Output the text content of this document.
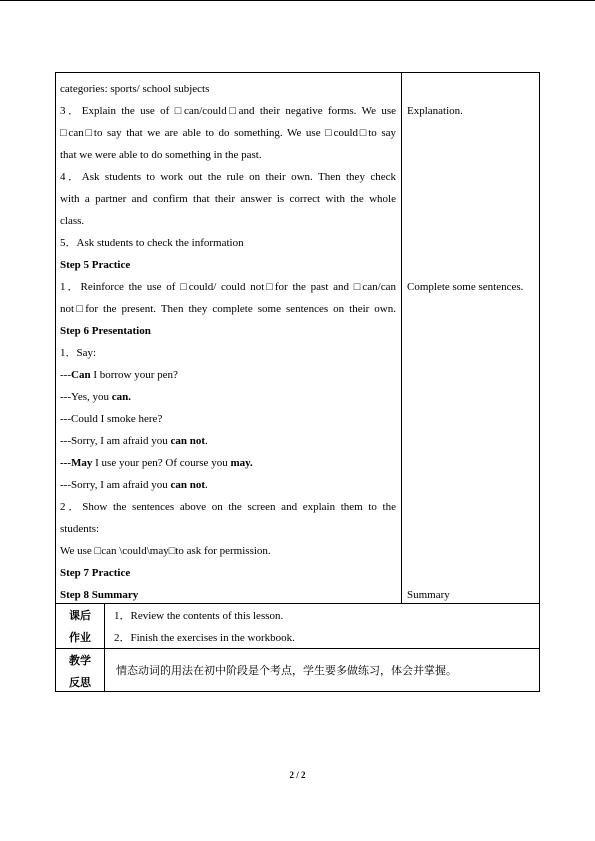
categories: sports/ school subjects
3．Explain the use of □can/could□and their negative forms. We use
□can□to say that we are able to do something. We use □could□to say
that we were able to do something in the past.
4．Ask students to work out the rule on their own. Then they check
with a partner and confirm that their answer is correct with the whole
class.
5．Ask students to check the information
Step 5 Practice
1．Reinforce the use of □could/ could not□for the past and □can/can
not□for the present. Then they complete some sentences on their own.
Step 6 Presentation
1．Say:
---Can I borrow your pen?
---Yes, you can.
---Could I smoke here?
---Sorry, I am afraid you can not.
---May I use your pen? Of course you may.
---Sorry, I am afraid you can not.
2．Show the sentences above on the screen and explain them to the
students:
We use □can \could\may□to ask for permission.
Step 7 Practice
Step 8 Summary
Explanation.
Complete some sentences.
Summary
课后
作业
1．Review the contents of this lesson.
2．Finish the exercises in the workbook.
教学
反思
情态动词的用法在初中阶段是个考点，学生要多做练习，体会并掌握。
2 / 2
